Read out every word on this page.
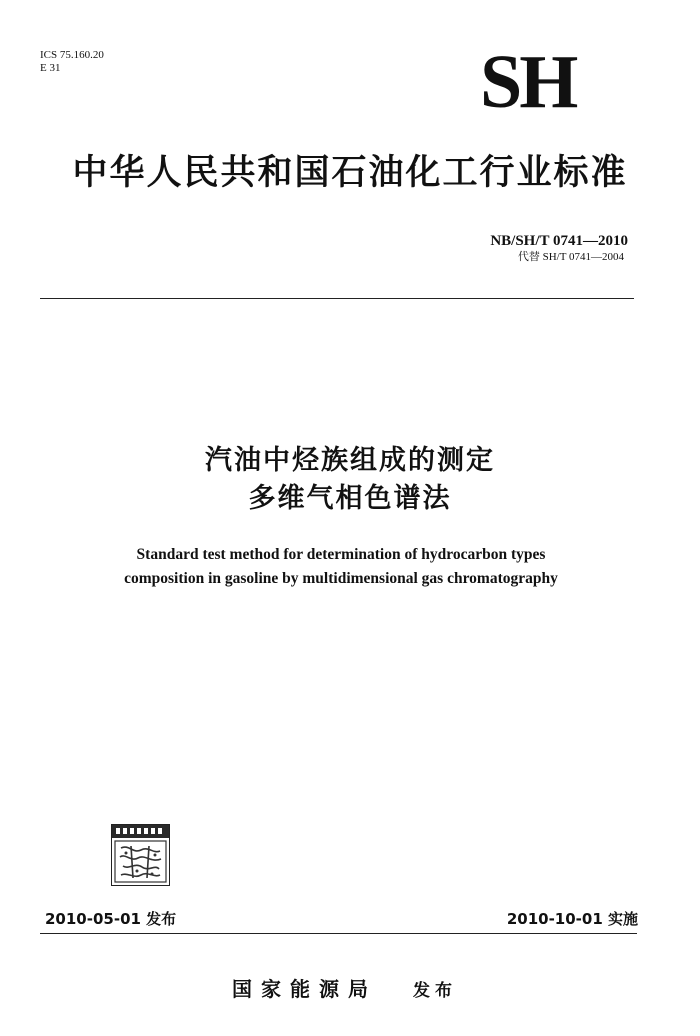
ICS 75.160.20
E 31	SH
中华人民共和国石油化工行业标准
NB/SH/T 0741—2010
代替 SH/T 0741—2004
汽油中烃族组成的测定
多维气相色谱法
Standard test method for determination of hydrocarbon types
composition in gasoline by multidimensional gas chromatography
2010-05-01 发布	2010-10-01 实施
国家能源局 发布
